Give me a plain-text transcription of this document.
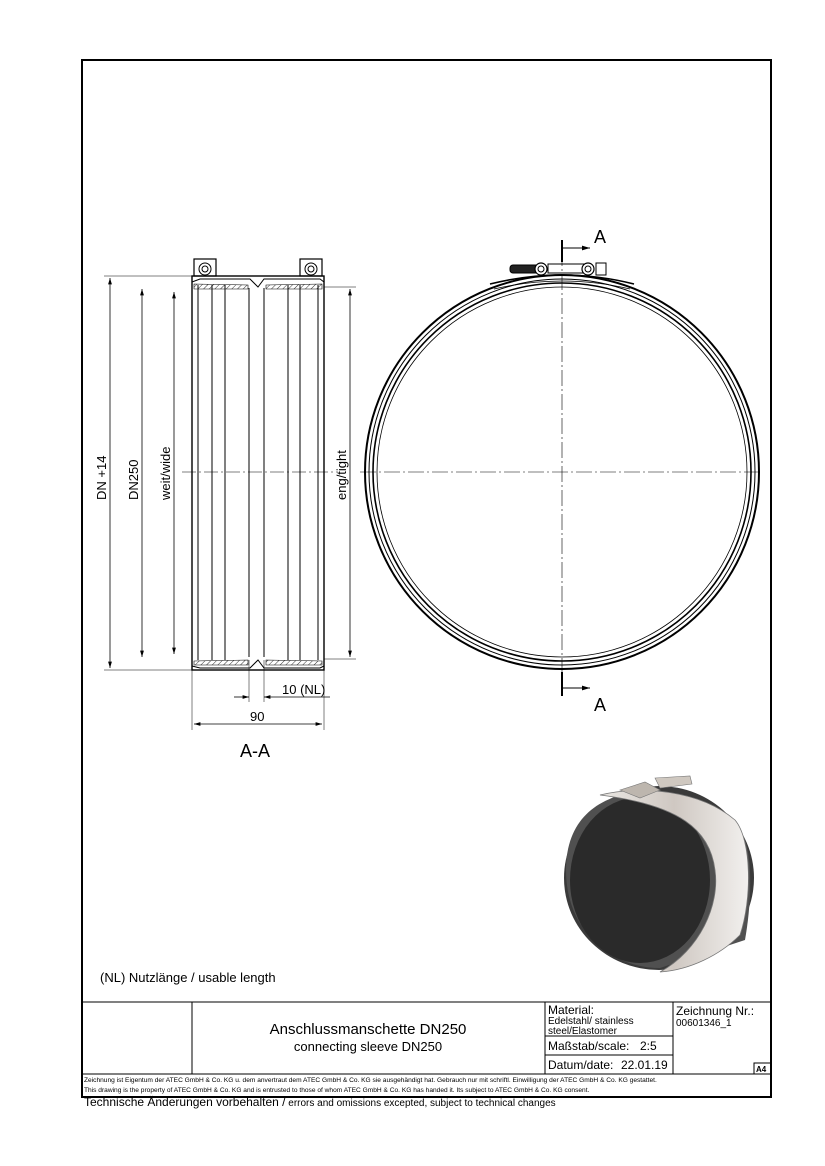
DN +14 DN250 weit/wide	eng/tight
10 (NL)
90
A-A
A
A
(NL) Nutzlänge / usable length
Anschlussmanschette DN250
connecting sleeve DN250
Material:
Edelstahl/ stainless
steel/Elastomer
Zeichnung Nr.:
00601346_1
Maßstab/scale: 2:5
Datum/date: 22.01.19	A4
Zeichnung ist Eigentum der ATEC GmbH & Co. KG u. dem anvertraut dem ATEC GmbH & Co. KG sie ausgehändigt hat. Gebrauch nur mit schriftl. Einwilligung der ATEC GmbH & Co. KG gestattet.
This drawing is the property of ATEC GmbH & Co. KG and is entrusted to those of whom ATEC GmbH & Co. KG has handed it. Its subject to ATEC GmbH & Co. KG consent.
Technische Änderungen vorbehalten / errors and omissions excepted, subject to technical changes
